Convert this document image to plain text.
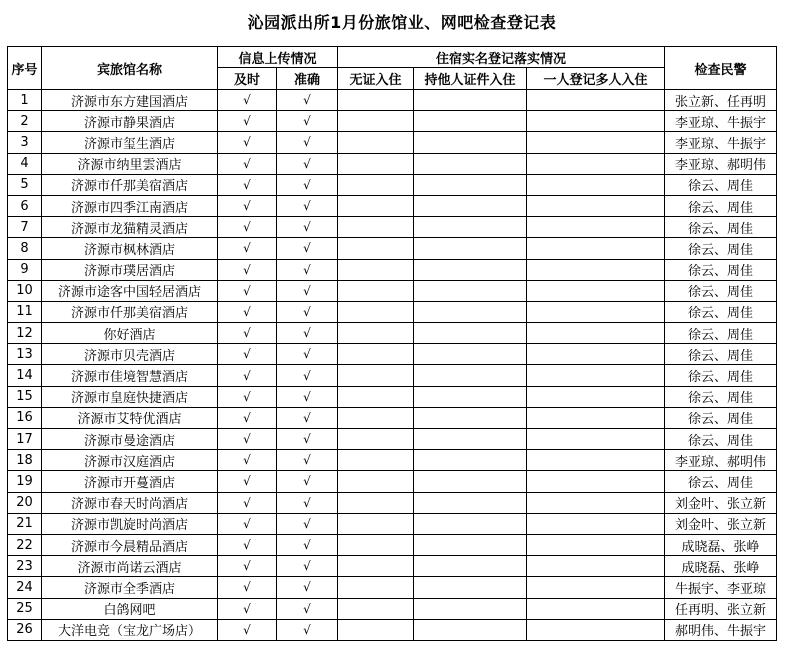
沁园派出所1月份旅馆业、网吧检查登记表
序号	宾旅馆名称	信息上传情况		住宿实名登记落实情况			检查民警
		及时	准确	无证入住	持他人证件入住	一人登记多人入住	
1	济源市东方建国酒店	√	√				张立新、任再明
2	济源市静果酒店	√	√				李亚琼、牛振宇
3	济源市玺生酒店	√	√				李亚琼、牛振宇
4	济源市纳里雲酒店	√	√				李亚琼、郝明伟
5	济源市仟那美宿酒店	√	√				徐云、周佳
6	济源市四季江南酒店	√	√				徐云、周佳
7	济源市龙猫精灵酒店	√	√				徐云、周佳
8	济源市枫林酒店	√	√				徐云、周佳
9	济源市璞居酒店	√	√				徐云、周佳
10	济源市途客中国轻居酒店	√	√				徐云、周佳
11	济源市仟那美宿酒店	√	√				徐云、周佳
12	你好酒店	√	√				徐云、周佳
13	济源市贝壳酒店	√	√				徐云、周佳
14	济源市佳境智慧酒店	√	√				徐云、周佳
15	济源市皇庭快捷酒店	√	√				徐云、周佳
16	济源市艾特优酒店	√	√				徐云、周佳
17	济源市曼途酒店	√	√				徐云、周佳
18	济源市汉庭酒店	√	√				李亚琼、郝明伟
19	济源市开蔓酒店	√	√				徐云、周佳
20	济源市春天时尚酒店	√	√				刘金叶、张立新
21	济源市凯旋时尚酒店	√	√				刘金叶、张立新
22	济源市今晨精品酒店	√	√				成晓磊、张峥
23	济源市尚诺云酒店	√	√				成晓磊、张峥
24	济源市全季酒店	√	√				牛振宇、李亚琼
25	白鸽网吧	√	√				任再明、张立新
26	大洋电竞（宝龙广场店）	√	√				郝明伟、牛振宇
